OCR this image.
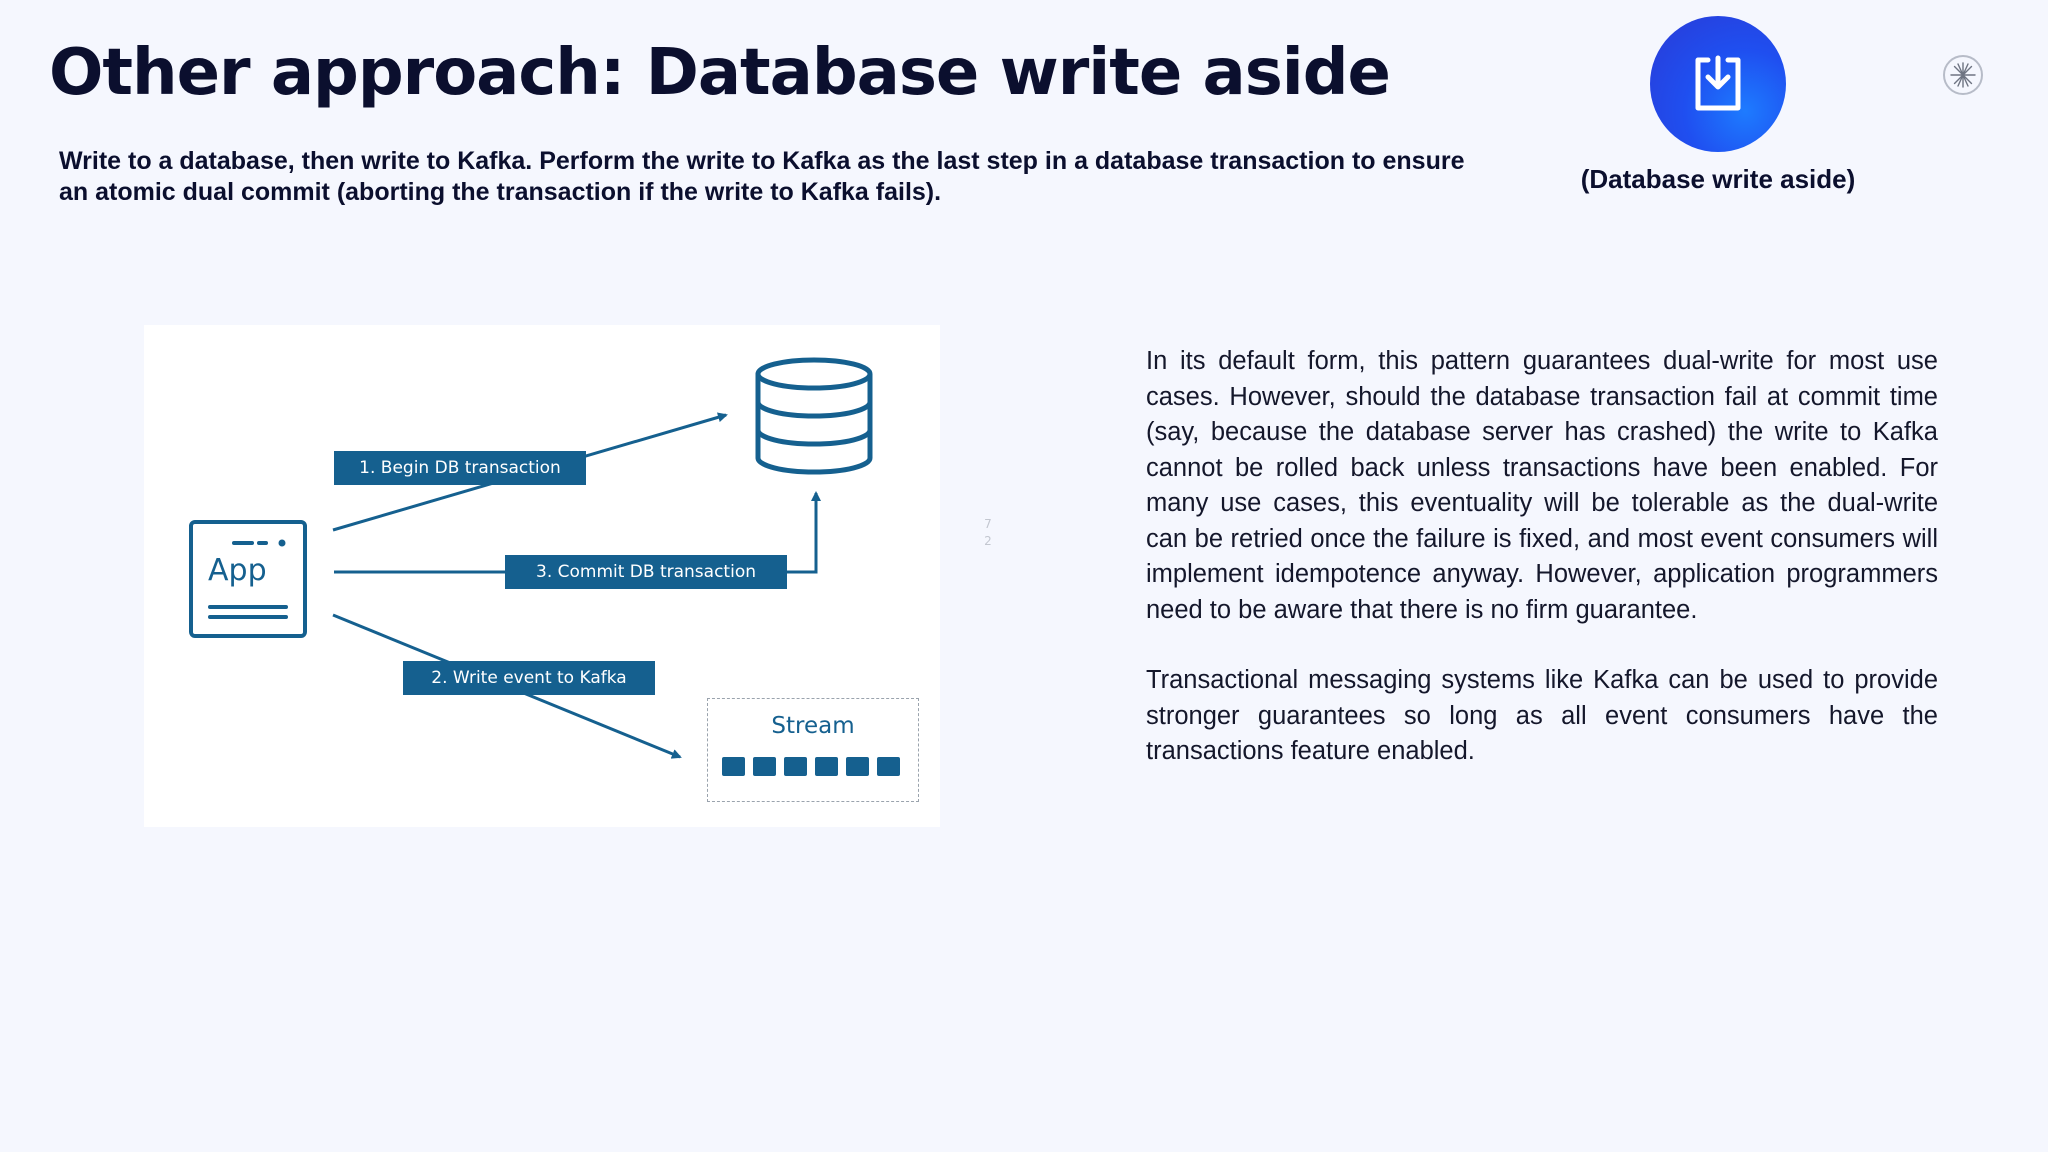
Other approach: Database write aside

Write to a database, then write to Kafka. Perform the write to Kafka as the last step in a database transaction to ensure an atomic dual commit (aborting the transaction if the write to Kafka fails).	(Database write aside)
App
Stream
1. Begin DB transaction
3. Commit DB transaction
2. Write event to Kafka
7
2

In its default form, this pattern guarantees dual-write for most use cases. However, should the database transaction fail at commit time (say, because the database server has crashed) the write to Kafka cannot be rolled back unless transactions have been enabled. For many use cases, this eventuality will be tolerable as the dual-write can be retried once the failure is fixed, and most event consumers will implement idempotence anyway. However, application programmers need to be aware that there is no firm guarantee.

Transactional messaging systems like Kafka can be used to provide stronger guarantees so long as all event consumers have the transactions feature enabled.
